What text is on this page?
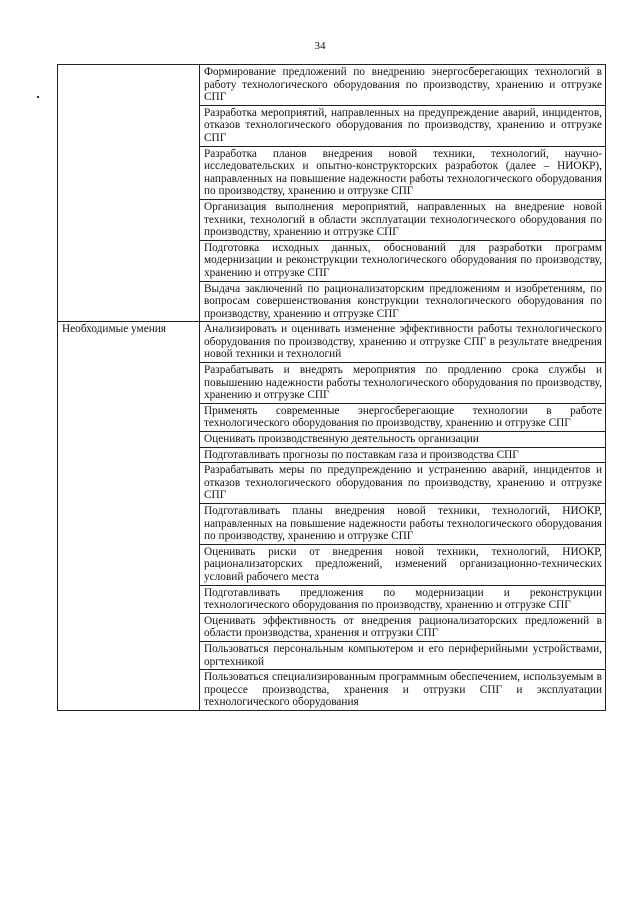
34
	Формирование предложений по внедрению энергосберегающих технологий в работу технологического оборудования по производству, хранению и отгрузке СПГ
	Разработка мероприятий, направленных на предупреждение аварий, инцидентов, отказов технологического оборудования по производству, хранению и отгрузке СПГ
	Разработка планов внедрения новой техники, технологий, научно-исследовательских и опытно-конструкторских разработок (далее – НИОКР), направленных на повышение надежности работы технологического оборудования по производству, хранению и отгрузке СПГ
	Организация выполнения мероприятий, направленных на внедрение новой техники, технологий в области эксплуатации технологического оборудования по производству, хранению и отгрузке СПГ
	Подготовка исходных данных, обоснований для разработки программ модернизации и реконструкции технологического оборудования по производству, хранению и отгрузке СПГ
	Выдача заключений по рационализаторским предложениям и изобретениям, по вопросам совершенствования конструкции технологического оборудования по производству, хранению и отгрузке СПГ
Необходимые умения	Анализировать и оценивать изменение эффективности работы технологического оборудования по производству, хранению и отгрузке СПГ в результате внедрения новой техники и технологий
	Разрабатывать и внедрять мероприятия по продлению срока службы и повышению надежности работы технологического оборудования по производству, хранению и отгрузке СПГ
	Применять современные энергосберегающие технологии в работе технологического оборудования по производству, хранению и отгрузке СПГ
	Оценивать производственную деятельность организации
	Подготавливать прогнозы по поставкам газа и производства СПГ
	Разрабатывать меры по предупреждению и устранению аварий, инцидентов и отказов технологического оборудования по производству, хранению и отгрузке СПГ
	Подготавливать планы внедрения новой техники, технологий, НИОКР, направленных на повышение надежности работы технологического оборудования по производству, хранению и отгрузке СПГ
	Оценивать риски от внедрения новой техники, технологий, НИОКР, рационализаторских предложений, изменений организационно-технических условий рабочего места
	Подготавливать предложения по модернизации и реконструкции технологического оборудования по производству, хранению и отгрузке СПГ
	Оценивать эффективность от внедрения рационализаторских предложений в области производства, хранения и отгрузки СПГ
	Пользоваться персональным компьютером и его периферийными устройствами, оргтехникой
	Пользоваться специализированным программным обеспечением, используемым в процессе производства, хранения и отгрузки СПГ и эксплуатации технологического оборудования
